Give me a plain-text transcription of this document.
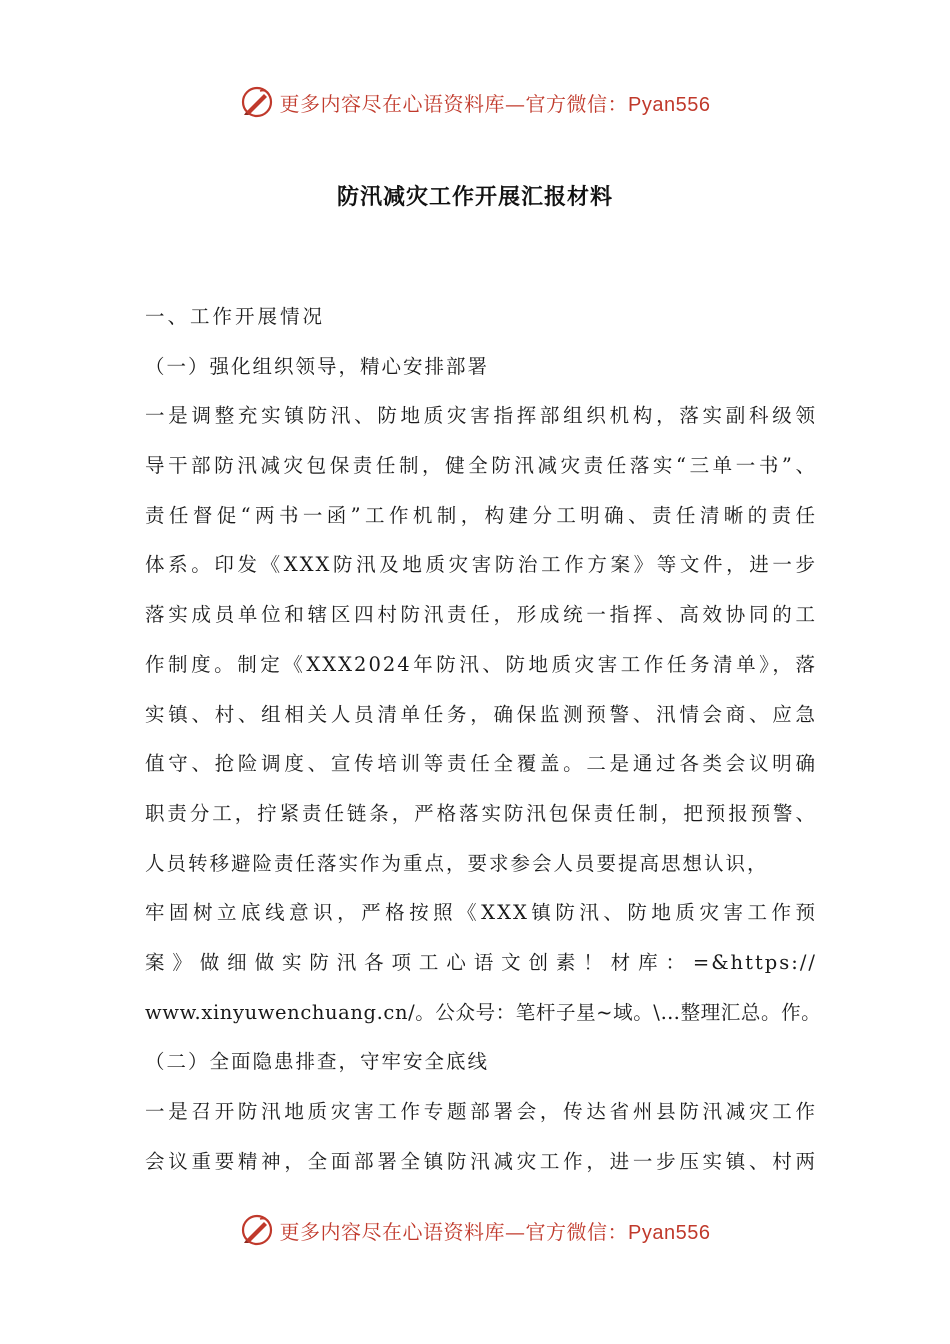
更多内容尽在心语资料库—官方微信：Pyan556
防汛减灾工作开展汇报材料
一、工作开展情况
（一）强化组织领导，精心安排部署
一是调整充实镇防汛、防地质灾害指挥部组织机构，落实副科级领
导干部防汛减灾包保责任制，健全防汛减灾责任落实“三单一书”、
责任督促“两书一函”工作机制，构建分工明确、责任清晰的责任
体系。印发《XXX防汛及地质灾害防治工作方案》等文件，进一步
落实成员单位和辖区四村防汛责任，形成统一指挥、高效协同的工
作制度。制定《XXX2024年防汛、防地质灾害工作任务清单》，落
实镇、村、组相关人员清单任务，确保监测预警、汛情会商、应急
值守、抢险调度、宣传培训等责任全覆盖。二是通过各类会议明确
职责分工，拧紧责任链条，严格落实防汛包保责任制，把预报预警、
人员转移避险责任落实作为重点，要求参会人员要提高思想认识，
牢固树立底线意识，严格按照《XXX镇防汛、防地质灾害工作预
案》做细做实防汛各项工心语文创素！材库：=&https://
www.xinyuwenchuang.cn/。公众号：笔杆子星~域。\…整理汇总。作。
（二）全面隐患排查，守牢安全底线
一是召开防汛地质灾害工作专题部署会，传达省州县防汛减灾工作
会议重要精神，全面部署全镇防汛减灾工作，进一步压实镇、村两
更多内容尽在心语资料库—官方微信：Pyan556
